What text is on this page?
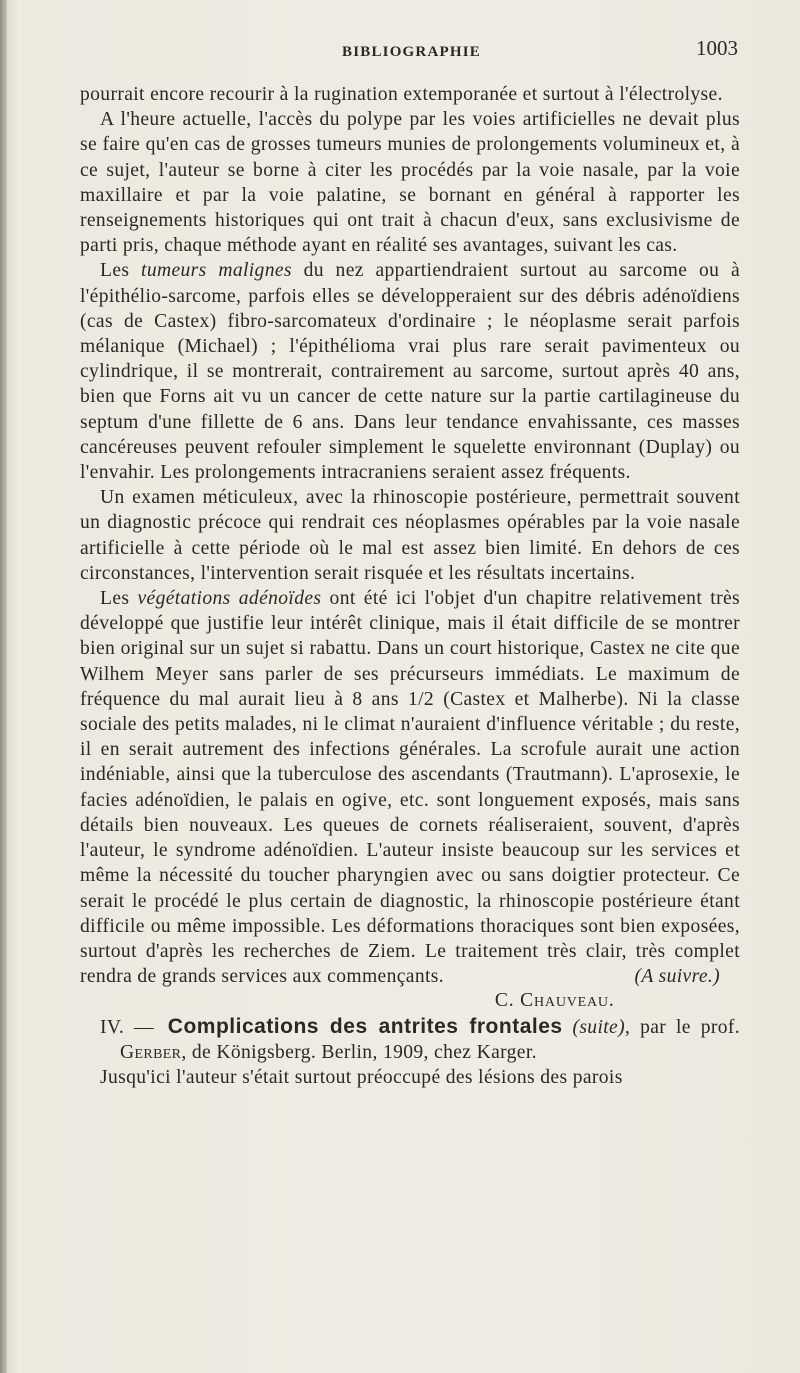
BIBLIOGRAPHIE	1003

pourrait encore recourir à la rugination extemporanée et surtout à l'électrolyse.

A l'heure actuelle, l'accès du polype par les voies artificielles ne devait plus se faire qu'en cas de grosses tumeurs munies de prolongements volumineux et, à ce sujet, l'auteur se borne à citer les procédés par la voie nasale, par la voie maxillaire et par la voie palatine, se bornant en général à rapporter les renseignements historiques qui ont trait à chacun d'eux, sans exclusivisme de parti pris, chaque méthode ayant en réalité ses avantages, suivant les cas.

Les tumeurs malignes du nez appartiendraient surtout au sarcome ou à l'épithélio-sarcome, parfois elles se développeraient sur des débris adénoïdiens (cas de Castex) fibro-sarcomateux d'ordinaire ; le néoplasme serait parfois mélanique (Michael) ; l'épithélioma vrai plus rare serait pavimenteux ou cylindrique, il se montrerait, contrairement au sarcome, surtout après 40 ans, bien que Forns ait vu un cancer de cette nature sur la partie cartilagineuse du septum d'une fillette de 6 ans. Dans leur tendance envahissante, ces masses cancéreuses peuvent refouler simplement le squelette environnant (Duplay) ou l'envahir. Les prolongements intracraniens seraient assez fréquents.

Un examen méticuleux, avec la rhinoscopie postérieure, permettrait souvent un diagnostic précoce qui rendrait ces néoplasmes opérables par la voie nasale artificielle à cette période où le mal est assez bien limité. En dehors de ces circonstances, l'intervention serait risquée et les résultats incertains.

Les végétations adénoïdes ont été ici l'objet d'un chapitre relativement très développé que justifie leur intérêt clinique, mais il était difficile de se montrer bien original sur un sujet si rabattu. Dans un court historique, Castex ne cite que Wilhem Meyer sans parler de ses précurseurs immédiats. Le maximum de fréquence du mal aurait lieu à 8 ans 1/2 (Castex et Malherbe). Ni la classe sociale des petits malades, ni le climat n'auraient d'influence véritable ; du reste, il en serait autrement des infections générales. La scrofule aurait une action indéniable, ainsi que la tuberculose des ascendants (Trautmann). L'aprosexie, le facies adénoïdien, le palais en ogive, etc. sont longuement exposés, mais sans détails bien nouveaux. Les queues de cornets réaliseraient, souvent, d'après l'auteur, le syndrome adénoïdien. L'auteur insiste beaucoup sur les services et même la nécessité du toucher pharyngien avec ou sans doigtier protecteur. Ce serait le procédé le plus certain de diagnostic, la rhinoscopie postérieure étant difficile ou même impossible. Les déformations thoraciques sont bien exposées, surtout d'après les recherches de Ziem. Le traitement très clair, très complet rendra de grands services aux commençants.	(A suivre.)

C. Chauveau.

IV. — Complications des antrites frontales (suite), par le prof. Gerber, de Königsberg. Berlin, 1909, chez Karger.

Jusqu'ici l'auteur s'était surtout préoccupé des lésions des parois
